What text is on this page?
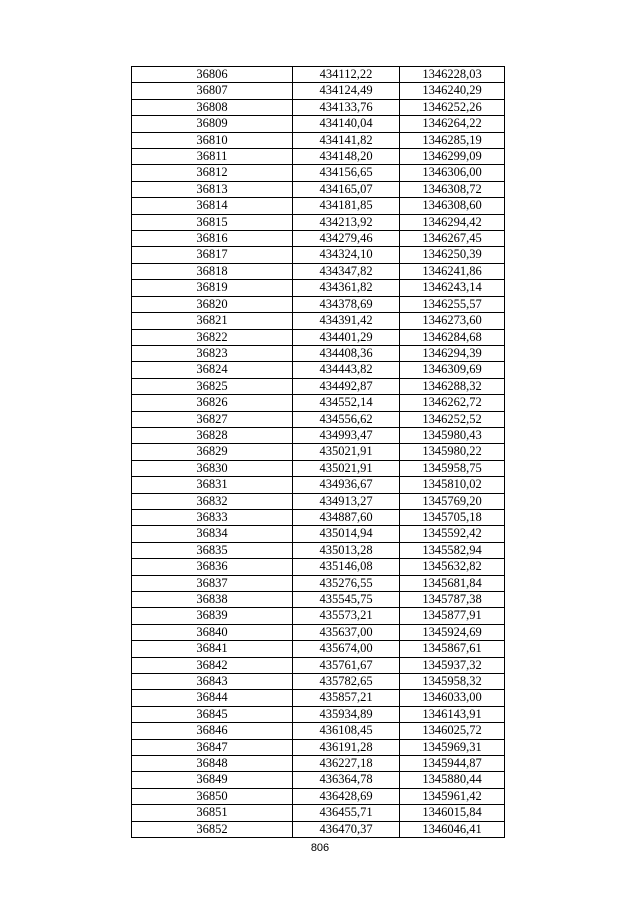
36806	434112,22	1346228,03
36807	434124,49	1346240,29
36808	434133,76	1346252,26
36809	434140,04	1346264,22
36810	434141,82	1346285,19
36811	434148,20	1346299,09
36812	434156,65	1346306,00
36813	434165,07	1346308,72
36814	434181,85	1346308,60
36815	434213,92	1346294,42
36816	434279,46	1346267,45
36817	434324,10	1346250,39
36818	434347,82	1346241,86
36819	434361,82	1346243,14
36820	434378,69	1346255,57
36821	434391,42	1346273,60
36822	434401,29	1346284,68
36823	434408,36	1346294,39
36824	434443,82	1346309,69
36825	434492,87	1346288,32
36826	434552,14	1346262,72
36827	434556,62	1346252,52
36828	434993,47	1345980,43
36829	435021,91	1345980,22
36830	435021,91	1345958,75
36831	434936,67	1345810,02
36832	434913,27	1345769,20
36833	434887,60	1345705,18
36834	435014,94	1345592,42
36835	435013,28	1345582,94
36836	435146,08	1345632,82
36837	435276,55	1345681,84
36838	435545,75	1345787,38
36839	435573,21	1345877,91
36840	435637,00	1345924,69
36841	435674,00	1345867,61
36842	435761,67	1345937,32
36843	435782,65	1345958,32
36844	435857,21	1346033,00
36845	435934,89	1346143,91
36846	436108,45	1346025,72
36847	436191,28	1345969,31
36848	436227,18	1345944,87
36849	436364,78	1345880,44
36850	436428,69	1345961,42
36851	436455,71	1346015,84
36852	436470,37	1346046,41
806
